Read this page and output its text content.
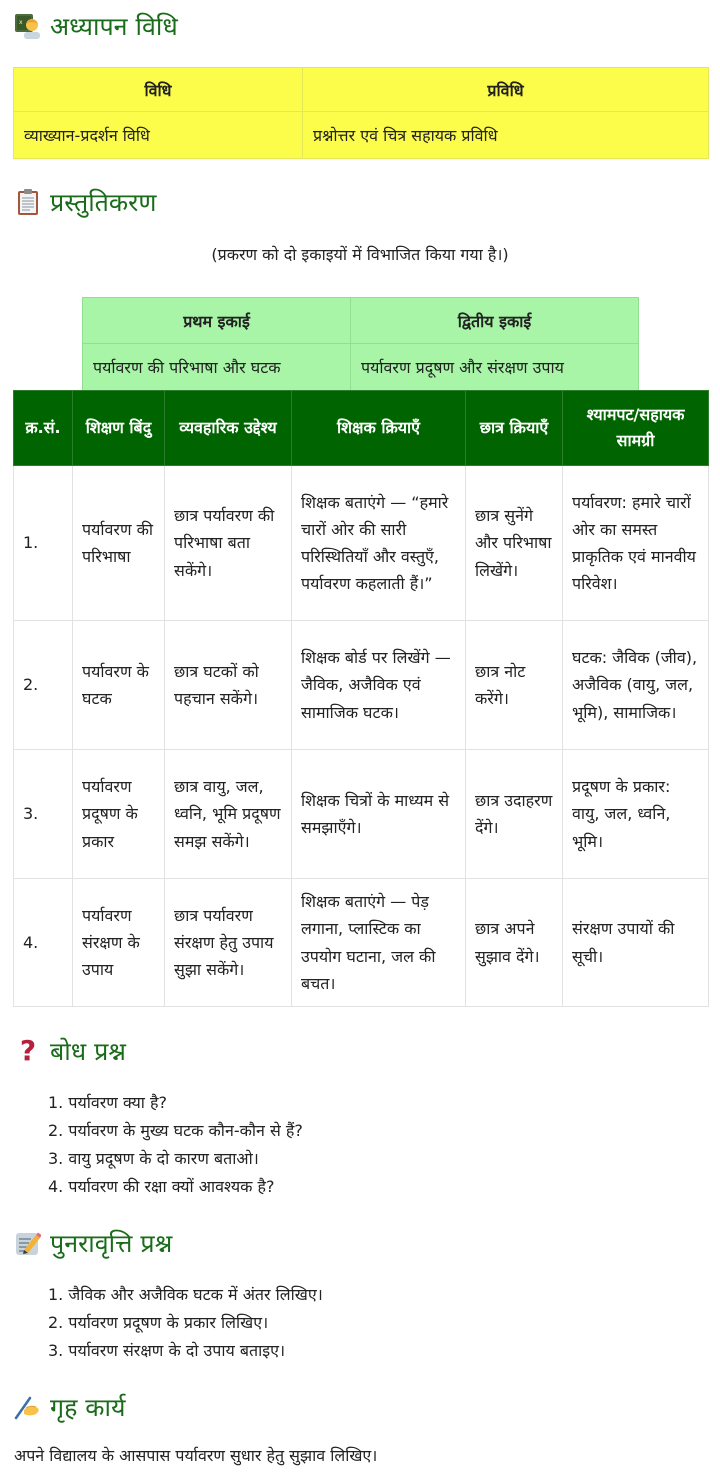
x अध्यापन विधि
विधि	प्रविधि
व्याख्यान-प्रदर्शन विधि	प्रश्नोत्तर एवं चित्र सहायक प्रविधि
प्रस्तुतिकरण
(प्रकरण को दो इकाइयों में विभाजित किया गया है।)
प्रथम इकाई	द्वितीय इकाई
पर्यावरण की परिभाषा और घटक	पर्यावरण प्रदूषण और संरक्षण उपाय
क्र.सं.	शिक्षण बिंदु	व्यवहारिक उद्देश्य	शिक्षक क्रियाएँ	छात्र क्रियाएँ	श्यामपट/सहायक सामग्री
1.	पर्यावरण की परिभाषा	छात्र पर्यावरण की परिभाषा बता सकेंगे।	शिक्षक बताएंगे — “हमारे चारों ओर की सारी परिस्थितियाँ और वस्तुएँ, पर्यावरण कहलाती हैं।”	छात्र सुनेंगे और परिभाषा लिखेंगे।	पर्यावरण: हमारे चारों ओर का समस्त प्राकृतिक एवं मानवीय परिवेश।
2.	पर्यावरण के घटक	छात्र घटकों को पहचान सकेंगे।	शिक्षक बोर्ड पर लिखेंगे — जैविक, अजैविक एवं सामाजिक घटक।	छात्र नोट करेंगे।	घटक: जैविक (जीव), अजैविक (वायु, जल, भूमि), सामाजिक।
3.	पर्यावरण प्रदूषण के प्रकार	छात्र वायु, जल, ध्वनि, भूमि प्रदूषण समझ सकेंगे।	शिक्षक चित्रों के माध्यम से समझाएँगे।	छात्र उदाहरण देंगे।	प्रदूषण के प्रकार: वायु, जल, ध्वनि, भूमि।
4.	पर्यावरण संरक्षण के उपाय	छात्र पर्यावरण संरक्षण हेतु उपाय सुझा सकेंगे।	शिक्षक बताएंगे — पेड़ लगाना, प्लास्टिक का उपयोग घटाना, जल की बचत।	छात्र अपने सुझाव देंगे।	संरक्षण उपायों की सूची।
? बोध प्रश्न
1. पर्यावरण क्या है?
2. पर्यावरण के मुख्य घटक कौन-कौन से हैं?
3. वायु प्रदूषण के दो कारण बताओ।
4. पर्यावरण की रक्षा क्यों आवश्यक है?
पुनरावृत्ति प्रश्न
1. जैविक और अजैविक घटक में अंतर लिखिए।
2. पर्यावरण प्रदूषण के प्रकार लिखिए।
3. पर्यावरण संरक्षण के दो उपाय बताइए।
गृह कार्य
अपने विद्यालय के आसपास पर्यावरण सुधार हेतु सुझाव लिखिए।
